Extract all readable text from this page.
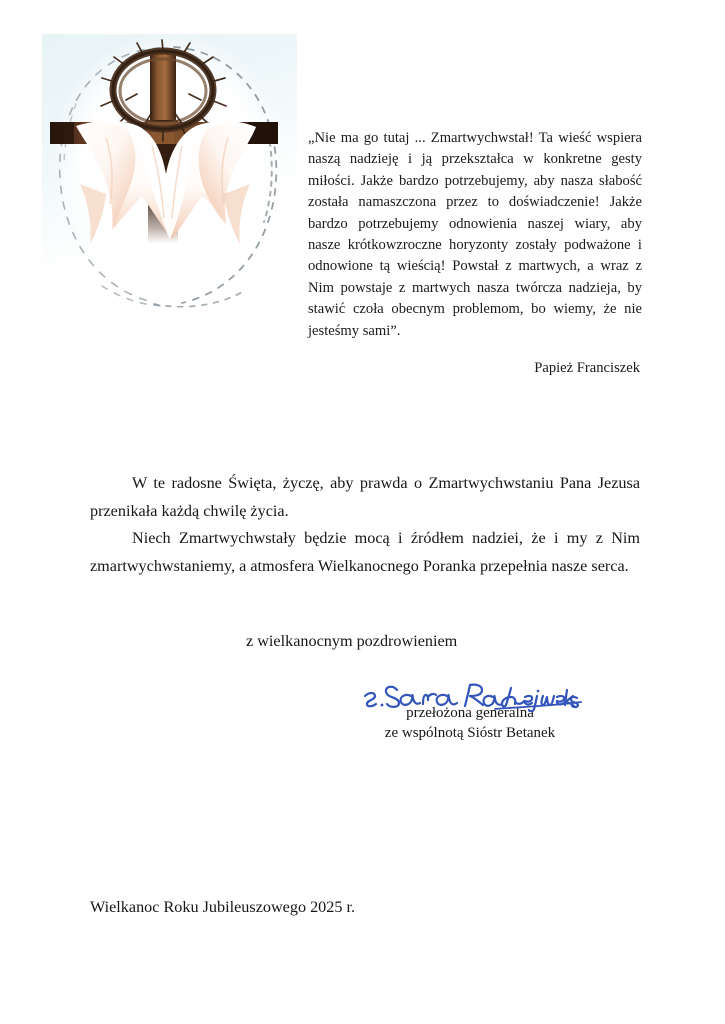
„Nie ma go tutaj ... Zmartwychwstał! Ta wieść wspiera naszą nadzieję i ją przekształca w konkretne gesty miłości. Jakże bardzo potrzebujemy, aby nasza słabość została namaszczona przez to doświadczenie! Jakże bardzo potrzebujemy odnowienia naszej wiary, aby nasze krótkowzroczne horyzonty zostały podważone i odnowione tą wieścią! Powstał z martwych, a wraz z Nim powstaje z martwych nasza twórcza nadzieja, by stawić czoła obecnym problemom, bo wiemy, że nie jesteśmy sami”.

Papież Franciszek

W te radosne Święta, życzę, aby prawda o Zmartwychwstaniu Pana Jezusa przenikała każdą chwilę życia.

Niech Zmartwychwstały będzie mocą i źródłem nadziei, że i my z Nim zmartwychwstaniemy, a atmosfera Wielkanocnego Poranka przepełnia nasze serca.

z wielkanocnym pozdrowieniem
przełożona generalna
ze wspólnotą Sióstr Betanek
Wielkanoc Roku Jubileuszowego 2025 r.
